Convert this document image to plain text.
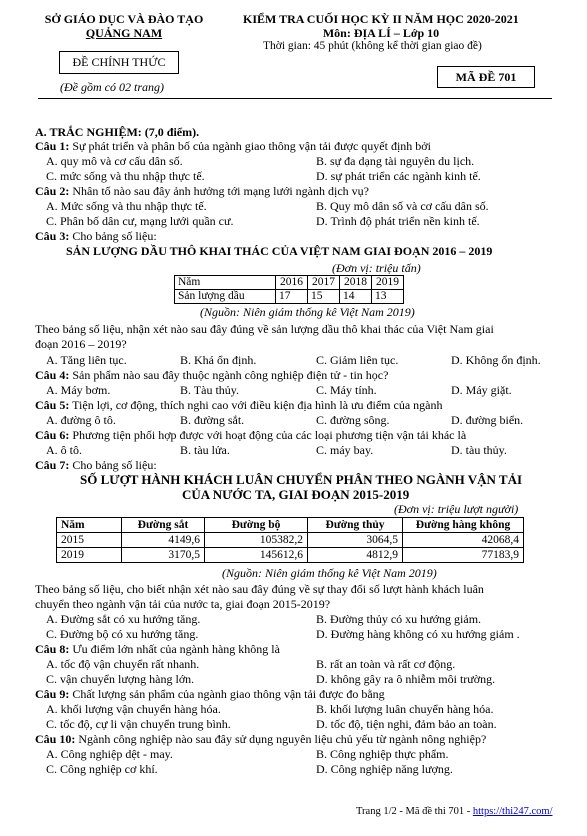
SỞ GIÁO DỤC VÀ ĐÀO TẠO
QUẢNG NAM
ĐỀ CHÍNH THỨC
(Đề gồm có 02 trang)
KIỂM TRA CUỐI HỌC KỲ II NĂM HỌC 2020-2021
Môn: ĐỊA LÍ – Lớp 10
Thời gian: 45 phút (không kể thời gian giao đề)
MÃ ĐỀ 701
A. TRẮC NGHIỆM: (7,0 điểm).
Câu 1: Sự phát triển và phân bố của ngành giao thông vận tải được quyết định bởi
A. quy mô và cơ cấu dân số.	B. sự đa dạng tài nguyên du lịch.
C. mức sống và thu nhập thực tế.	D. sự phát triển các ngành kinh tế.
Câu 2: Nhân tố nào sau đây ảnh hưởng tới mạng lưới ngành dịch vụ?
A. Mức sống và thu nhập thực tế.	B. Quy mô dân số và cơ cấu dân số.
C. Phân bố dân cư, mạng lưới quần cư.	D. Trình độ phát triển nền kinh tế.
Câu 3: Cho bảng số liệu:
SẢN LƯỢNG DẦU THÔ KHAI THÁC CỦA VIỆT NAM GIAI ĐOẠN 2016 – 2019
(Đơn vị: triệu tấn)
Năm	2016	2017	2018	2019
Sản lượng dầu	17	15	14	13
(Nguồn: Niên giám thống kê Việt Nam 2019)
Theo bảng số liệu, nhận xét nào sau đây đúng về sản lượng dầu thô khai thác của Việt Nam giai
đoạn 2016 – 2019?
A. Tăng liên tục.	B. Khá ổn định.	C. Giảm liên tục.	D. Không ổn định.
Câu 4: Sản phẩm nào sau đây thuộc ngành công nghiệp điện tử - tin học?
A. Máy bơm.	B. Tàu thủy.	C. Máy tính.	D. Máy giặt.
Câu 5: Tiện lợi, cơ động, thích nghi cao với điều kiện địa hình là ưu điểm của ngành
A. đường ô tô.	B. đường sắt.	C. đường sông.	D. đường biển.
Câu 6: Phương tiện phối hợp được với hoạt động của các loại phương tiện vận tải khác là
A. ô tô.	B. tàu lửa.	C. máy bay.	D. tàu thủy.
Câu 7: Cho bảng số liệu:
SỐ LƯỢT HÀNH KHÁCH LUÂN CHUYỂN PHÂN THEO NGÀNH VẬN TẢI
CỦA NƯỚC TA, GIAI ĐOẠN 2015-2019
(Đơn vị: triệu lượt người)
Năm	Đường sắt	Đường bộ	Đường thủy	Đường hàng không
2015	4149,6	105382,2	3064,5	42068,4
2019	3170,5	145612,6	4812,9	77183,9
(Nguồn: Niên giám thống kê Việt Nam 2019)
Theo bảng số liệu, cho biết nhận xét nào sau đây đúng về sự thay đổi số lượt hành khách luân
chuyển theo ngành vận tải của nước ta, giai đoạn 2015-2019?
A. Đường sắt có xu hướng tăng.	B. Đường thủy có xu hướng giảm.
C. Đường bộ có xu hướng tăng.	D. Đường hàng không có xu hướng giảm .
Câu 8: Ưu điểm lớn nhất của ngành hàng không là
A. tốc độ vận chuyển rất nhanh.	B. rất an toàn và rất cơ động.
C. vận chuyển lượng hàng lớn.	D. không gây ra ô nhiễm môi trường.
Câu 9: Chất lượng sản phẩm của ngành giao thông vận tải được đo bằng
A. khối lượng vận chuyển hàng hóa.	B. khối lượng luân chuyển hàng hóa.
C. tốc độ, cự li vận chuyển trung bình.	D. tốc độ, tiện nghi, đảm bảo an toàn.
Câu 10: Ngành công nghiệp nào sau đây sử dụng nguyên liệu chủ yếu từ ngành nông nghiệp?
A. Công nghiệp dệt - may.	B. Công nghiệp thực phẩm.
C. Công nghiệp cơ khí.	D. Công nghiệp năng lượng.
Trang 1/2 - Mã đề thi 701 - https://thi247.com/
